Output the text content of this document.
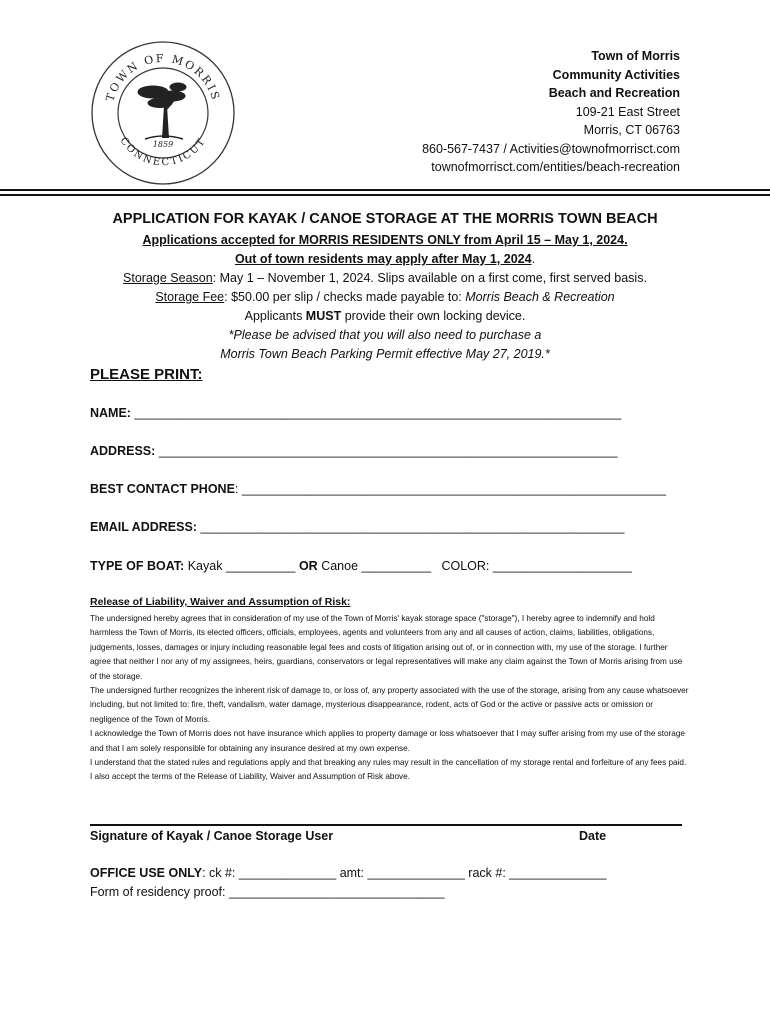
TOWN OF MORRIS
CONNECTICUT
1859
Town of Morris
Community Activities
Beach and Recreation
109-21 East Street
Morris, CT 06763
860-567-7437 / Activities@townofmorrisct.com
townofmorrisct.com/entities/beach-recreation
APPLICATION FOR KAYAK / CANOE STORAGE AT THE MORRIS TOWN BEACH
Applications accepted for MORRIS RESIDENTS ONLY from April 15 – May 1, 2024.
Out of town residents may apply after May 1, 2024.
Storage Season: May 1 – November 1, 2024. Slips available on a first come, first served basis.
Storage Fee: $50.00 per slip / checks made payable to: Morris Beach & Recreation
Applicants MUST provide their own locking device.
*Please be advised that you will also need to purchase a
Morris Town Beach Parking Permit effective May 27, 2019.*
PLEASE PRINT:
NAME: ______________________________________________________________________
ADDRESS: __________________________________________________________________
BEST CONTACT PHONE: _____________________________________________________________
EMAIL ADDRESS: _____________________________________________________________
TYPE OF BOAT: Kayak __________ OR Canoe __________ COLOR: ____________________
Release of Liability, Waiver and Assumption of Risk:

The undersigned hereby agrees that in consideration of my use of the Town of Morris' kayak storage space ("storage"), I hereby agree to indemnify and hold harmless the Town of Morris, its elected officers, officials, employees, agents and volunteers from any and all causes of action, claims, liabilities, obligations, judgements, losses, damages or injury including reasonable legal fees and costs of litigation arising out of, or in connection with, my use of the storage. I further agree that neither I nor any of my assignees, heirs, guardians, conservators or legal representatives will make any claim against the Town of Morris arising from use of the storage.

The undersigned further recognizes the inherent risk of damage to, or loss of, any property associated with the use of the storage, arising from any cause whatsoever including, but not limited to: fire, theft, vandalism, water damage, mysterious disappearance, rodent, acts of God or the active or passive acts or omission or negligence of the Town of Morris.

I acknowledge the Town of Morris does not have insurance which applies to property damage or loss whatsoever that I may suffer arising from my use of the storage and that I am solely responsible for obtaining any insurance desired at my own expense.

I understand that the stated rules and regulations apply and that breaking any rules may result in the cancellation of my storage rental and forfeiture of any fees paid. I also accept the terms of the Release of Liability, Waiver and Assumption of Risk above.

Signature of Kayak / Canoe Storage User	Date
OFFICE USE ONLY: ck #: ______________ amt: ______________ rack #: ______________
Form of residency proof: _______________________________
